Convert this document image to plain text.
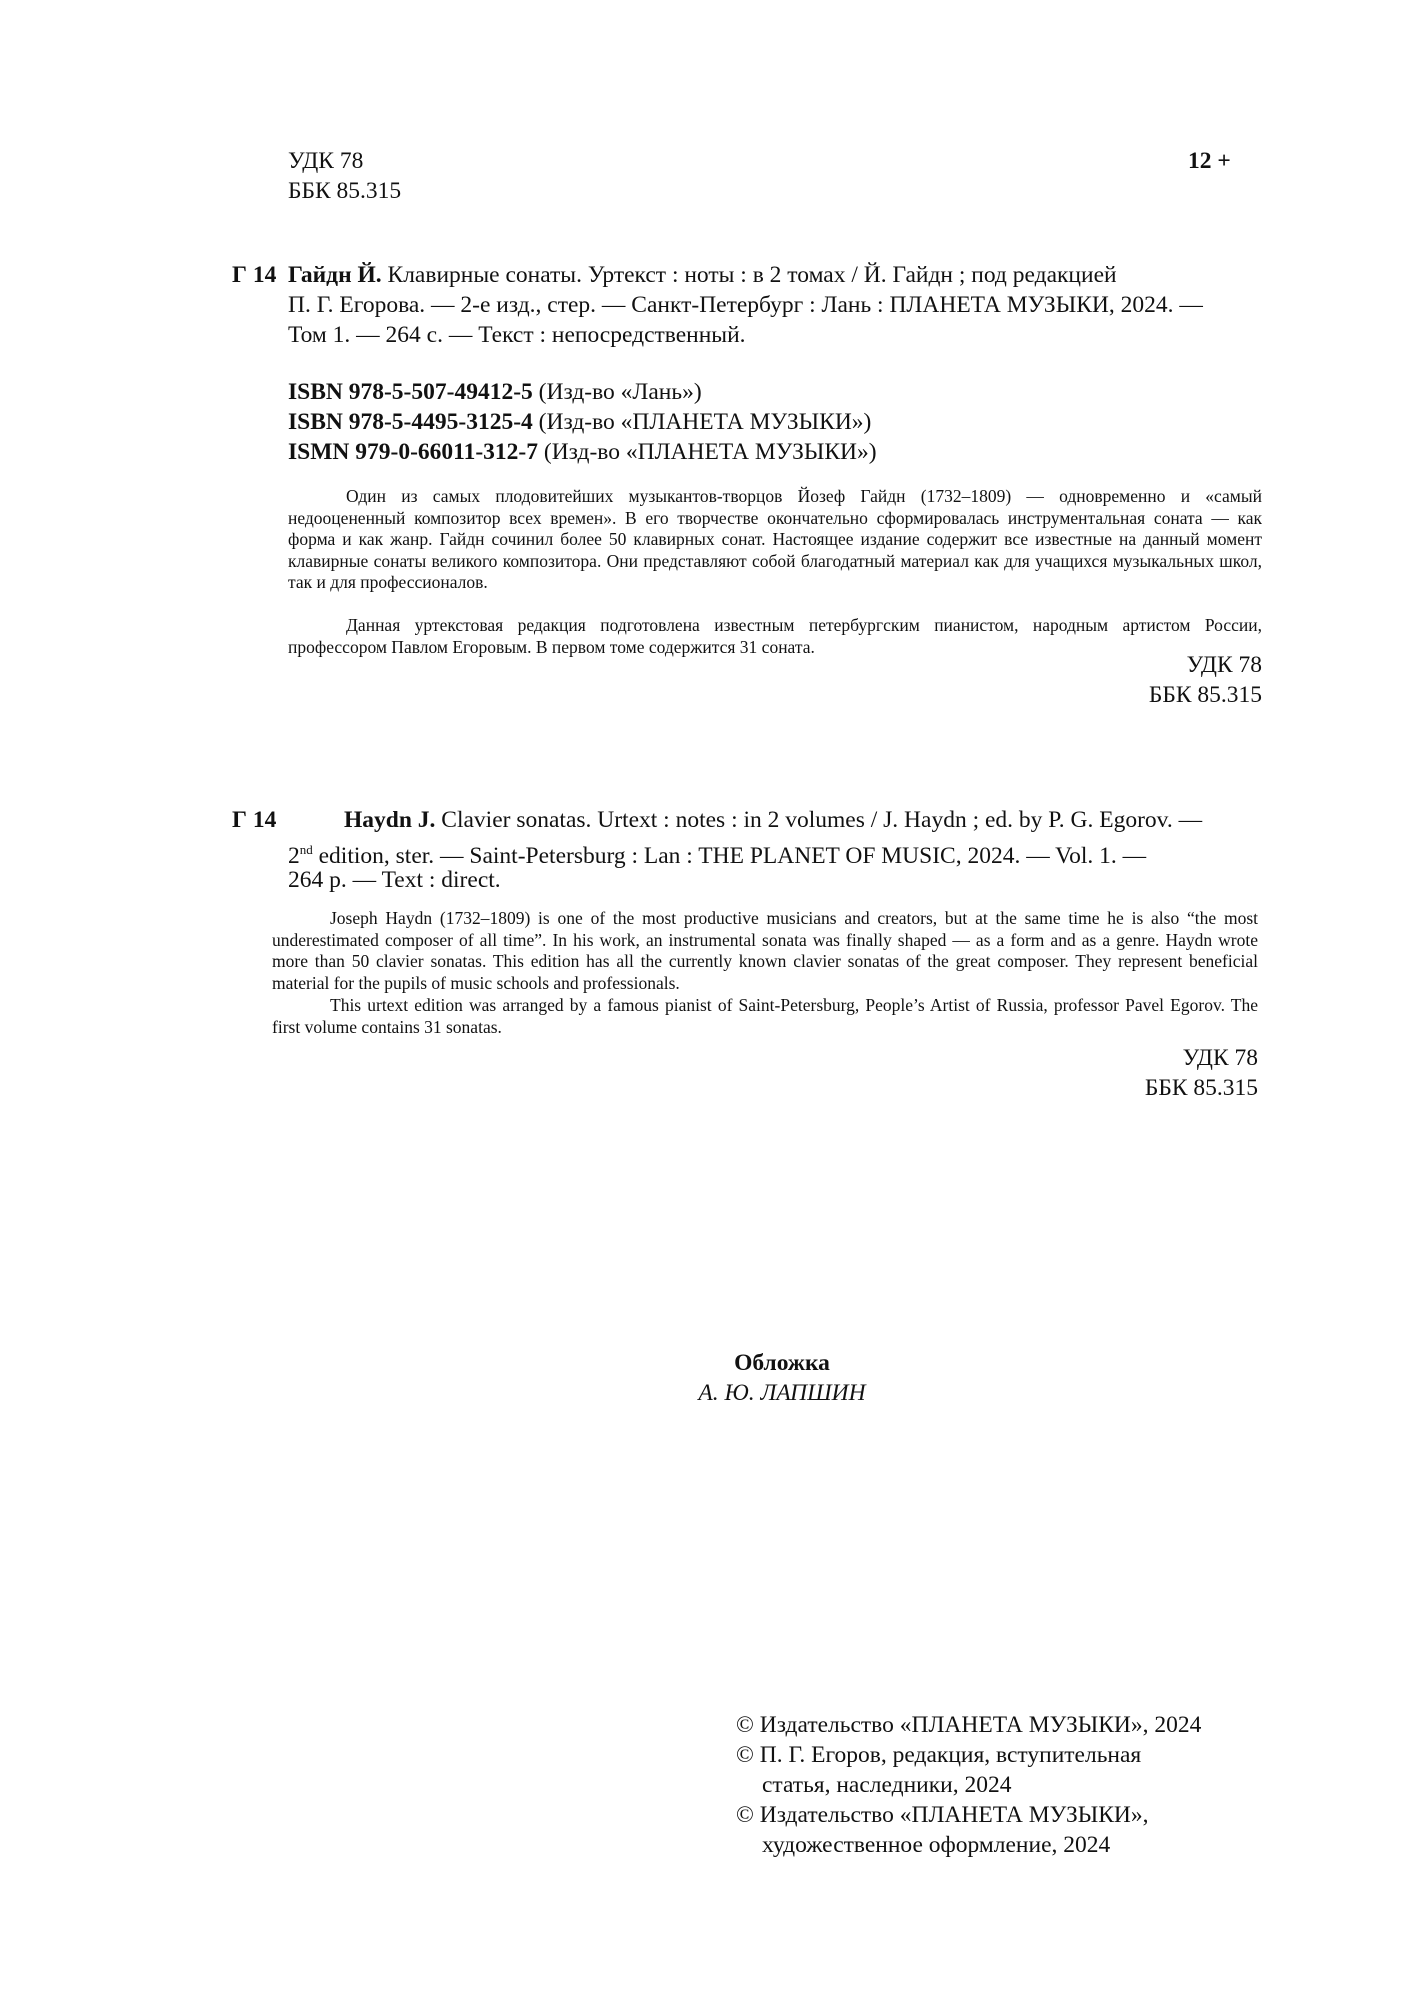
УДК 78
ББК 85.315
12 +
Г 14 Гайдн Й. Клавирные сонаты. Уртекст : ноты : в 2 томах / Й. Гайдн ; под редакцией
П. Г. Егорова. — 2-е изд., стер. — Санкт-Петербург : Лань : ПЛАНЕТА МУЗЫКИ, 2024. —
Том 1. — 264 с. — Текст : непосредственный.
ISBN 978-5-507-49412-5 (Изд-во «Лань»)
ISBN 978-5-4495-3125-4 (Изд-во «ПЛАНЕТА МУЗЫКИ»)
ISMN 979-0-66011-312-7 (Изд-во «ПЛАНЕТА МУЗЫКИ»)
Один из самых плодовитейших музыкантов-творцов Йозеф Гайдн (1732–1809) — одновременно и «самый недооцененный композитор всех времен». В его творчестве окончательно сформировалась инструментальная соната — как форма и как жанр. Гайдн сочинил более 50 клавирных сонат. Настоящее издание содержит все известные на данный момент клавирные сонаты великого композитора. Они представляют собой благодатный материал как для учащихся музыкальных школ, так и для профессионалов.
Данная уртекстовая редакция подготовлена известным петербургским пианистом, народным артистом России, профессором Павлом Егоровым. В первом томе содержится 31 соната.
УДК 78
ББК 85.315
Г 14	Haydn J. Clavier sonatas. Urtext : notes : in 2 volumes / J. Haydn ; ed. by P. G. Egorov. —
2nd edition, ster. — Saint-Petersburg : Lan : THE PLANET OF MUSIC, 2024. — Vol. 1. —
264 p. — Text : direct.
Joseph Haydn (1732–1809) is one of the most productive musicians and creators, but at the same time he is also “the most underestimated composer of all time”. In his work, an instrumental sonata was finally shaped — as a form and as a genre. Haydn wrote more than 50 clavier sonatas. This edition has all the currently known clavier sonatas of the great composer. They represent beneficial material for the pupils of music schools and professionals.
This urtext edition was arranged by a famous pianist of Saint-Petersburg, People’s Artist of Russia, professor Pavel Egorov. The first volume contains 31 sonatas.
УДК 78
ББК 85.315
Обложка
А. Ю. ЛАПШИН
© Издательство «ПЛАНЕТА МУЗЫКИ», 2024
© П. Г. Егоров, редакция, вступительная
статья, наследники, 2024
© Издательство «ПЛАНЕТА МУЗЫКИ»,
художественное оформление, 2024
